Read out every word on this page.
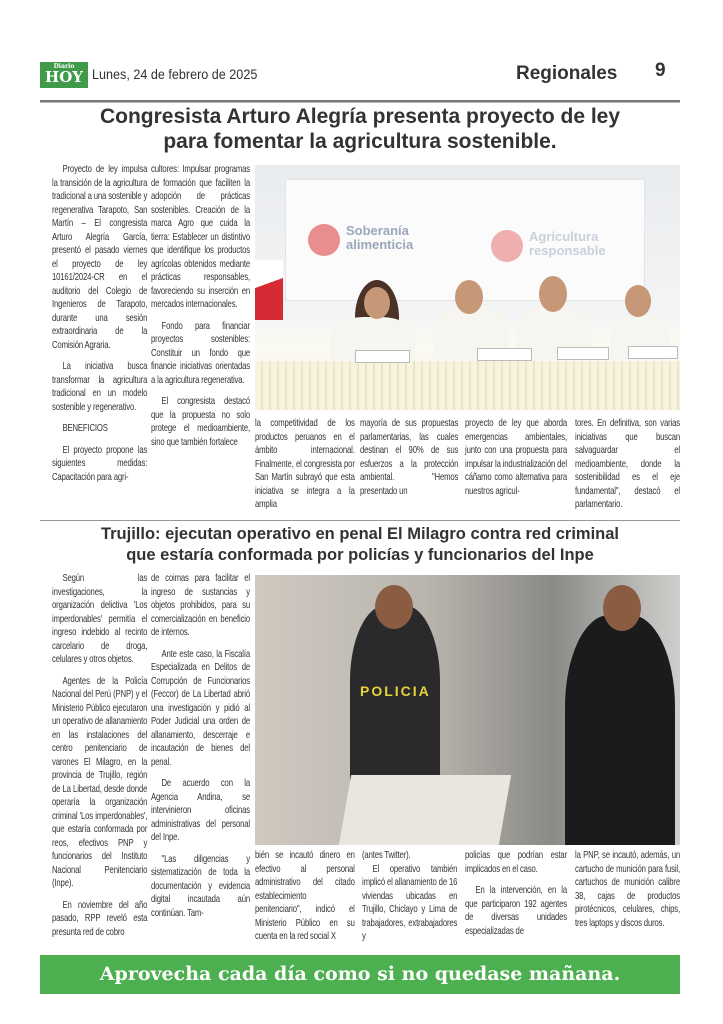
Diario
HOY Lunes, 24 de febrero de 2025	Regionales 9
Congresista Arturo Alegría presenta proyecto de ley
para fomentar la agricultura sostenible.

Proyecto de ley impulsa la transición de la agricultura tradicional a una sostenible y regenerativa Tarapoto, San Martín – El congresista Arturo Alegría García, presentó el pasado viernes el proyecto de ley 10161/2024-CR en el auditorio del Colegio de Ingenieros de Tarapoto, durante una sesión extraordinaria de la Comisión Agraria.

La iniciativa busca transformar la agricultura tradicional en un modelo sostenible y regenerativo.

BENEFICIOS

El proyecto propone las siguientes medidas: Capacitación para agri-

cultores: Impulsar programas de formación que faciliten la adopción de prácticas sostenibles. Creación de la marca Agro que cuida la tierra: Establecer un distintivo que identifique los productos agrícolas obtenidos mediante prácticas responsables, favoreciendo su inserción en mercados internacionales.

Fondo para financiar proyectos sostenibles: Constituir un fondo que financie iniciativas orientadas a la agricultura regenerativa.

El congresista destacó que la propuesta no solo protege el medioambiente, sino que también fortalece

Soberanía alimenticia
Agricultura responsable

la competitividad de los productos peruanos en el ámbito internacional. Finalmente, el congresista por San Martín subrayó que esta iniciativa se integra a la amplia

mayoría de sus propuestas parlamentarias, las cuales destinan el 90% de sus esfuerzos a la protección ambiental. "Hemos presentado un

proyecto de ley que aborda emergencias ambientales, junto con una propuesta para impulsar la industrialización del cáñamo como alternativa para nuestros agricul-

tores. En definitiva, son varias iniciativas que buscan salvaguardar el medioambiente, donde la sostenibilidad es el eje fundamental", destacó el parlamentario.

Trujillo: ejecutan operativo en penal El Milagro contra red criminal
que estaría conformada por policías y funcionarios del Inpe

Según las investigaciones, la organización delictiva 'Los imperdonables' permitía el ingreso indebido al recinto carcelario de droga, celulares y otros objetos.

Agentes de la Policía Nacional del Perú (PNP) y el Ministerio Público ejecutaron un operativo de allanamiento en las instalaciones del centro penitenciario de varones El Milagro, en la provincia de Trujillo, región de La Libertad, desde donde operaría la organización criminal 'Los imperdonables', que estaría conformada por reos, efectivos PNP y funcionarios del Instituto Nacional Penitenciario (Inpe).

En noviembre del año pasado, RPP reveló esta presunta red de cobro

de coimas para facilitar el ingreso de sustancias y objetos prohibidos, para su comercialización en beneficio de internos.

Ante este caso, la Fiscalía Especializada en Delitos de Corrupción de Funcionarios (Feccor) de La Libertad abrió una investigación y pidió al Poder Judicial una orden de allanamiento, descerraje e incautación de bienes del penal.

De acuerdo con la Agencia Andina, se intervinieron oficinas administrativas del personal del Inpe.

"Las diligencias y sistematización de toda la documentación y evidencia digital incautada aún continúan. Tam-

POLICIA

bién se incautó dinero en efectivo al personal administrativo del citado establecimiento penitenciario", indicó el Ministerio Público en su cuenta en la red social X

(antes Twitter).

El operativo también implicó el allanamiento de 16 viviendas ubicadas en Trujillo, Chiclayo y Lima de trabajadores, extrabajadores y

policías que podrían estar implicados en el caso.

En la intervención, en la que participaron 192 agentes de diversas unidades especializadas de

la PNP, se incautó, además, un cartucho de munición para fusil, cartuchos de munición calibre 38, cajas de productos pirotécnicos, celulares, chips, tres laptops y discos duros.

Aprovecha cada día como si no quedase mañana.
